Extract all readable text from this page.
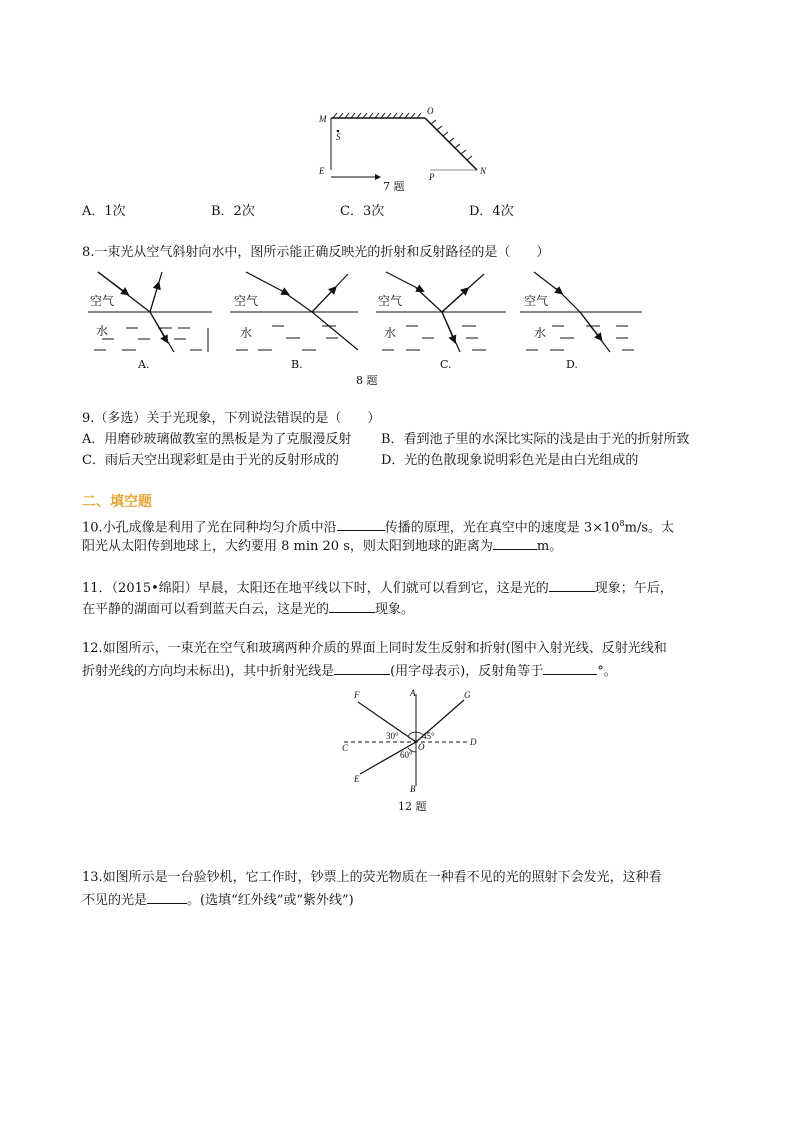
M
O
S
E
P
N
7 题
A．1次	B．2次	C．3次	D．4次
8.一束光从空气斜射向水中，图所示能正确反映光的折射和反射路径的是（　　）
空气
水
空气
水
空气
水
空气
水
A.	B.	C.	D.
8 题
9.（多选）关于光现象，下列说法错误的是（　　）
A．用磨砂玻璃做教室的黑板是为了克服漫反射 B．看到池子里的水深比实际的浅是由于光的折射所致
C．雨后天空出现彩虹是由于光的反射形成的	D．光的色散现象说明彩色光是由白光组成的
二、填空题
10.小孔成像是利用了光在同种均匀介质中沿	传播的原理，光在真空中的速度是 $3\times 10^8m/s$。太
阳光从太阳传到地球上，大约要用 8 min 20 s，则太阳到地球的距离为	m。
11．（2015•绵阳）早晨，太阳还在地平线以下时，人们就可以看到它，这是光的	现象；午后，
在平静的湖面可以看到蓝天白云，这是光的	现象。
12.如图所示，一束光在空气和玻璃两种介质的界面上同时发生反射和折射(图中入射光线、反射光线和
折射光线的方向均未标出)，其中折射光线是	(用字母表示)，反射角等于	°。
F	A	G
C	O	D
E
B
30°	45°
60°
12 题
13.如图所示是一台验钞机，它工作时，钞票上的荧光物质在一种看不见的光的照射下会发光，这种看
不见的光是	。(选填“红外线”或“紫外线”)
